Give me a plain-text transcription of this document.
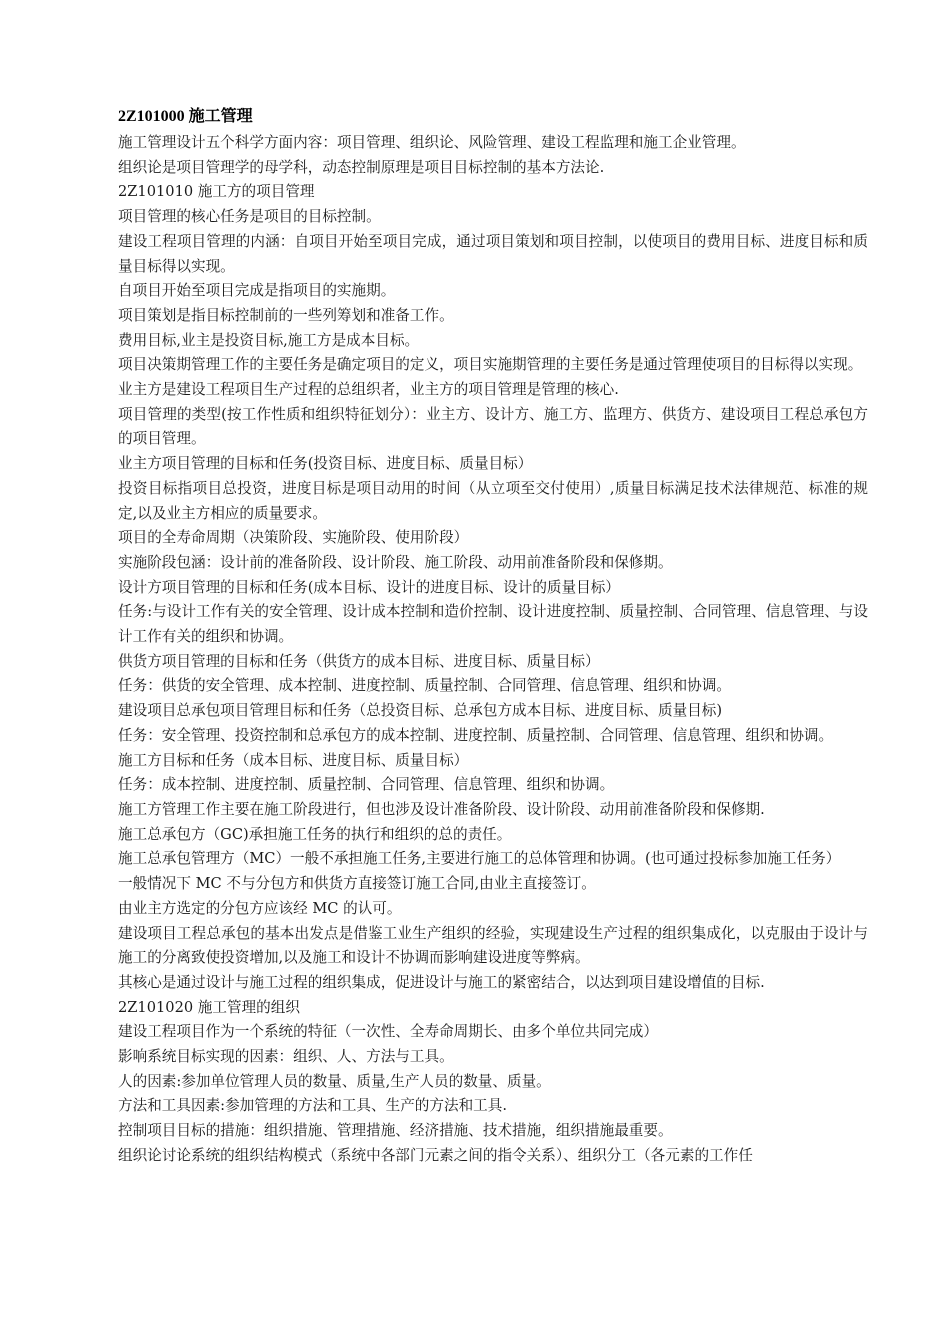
2Z101000 施工管理

施工管理设计五个科学方面内容：项目管理、组织论、风险管理、建设工程监理和施工企业管理。

组织论是项目管理学的母学科，动态控制原理是项目目标控制的基本方法论.

2Z101010 施工方的项目管理

项目管理的核心任务是项目的目标控制。

建设工程项目管理的内涵：自项目开始至项目完成，通过项目策划和项目控制，以使项目的费用目标、进度目标和质量目标得以实现。

自项目开始至项目完成是指项目的实施期。

项目策划是指目标控制前的一些列筹划和准备工作。

费用目标,业主是投资目标,施工方是成本目标。

项目决策期管理工作的主要任务是确定项目的定义，项目实施期管理的主要任务是通过管理使项目的目标得以实现。

业主方是建设工程项目生产过程的总组织者，业主方的项目管理是管理的核心.

项目管理的类型(按工作性质和组织特征划分）：业主方、设计方、施工方、监理方、供货方、建设项目工程总承包方的项目管理。

业主方项目管理的目标和任务(投资目标、进度目标、质量目标）

投资目标指项目总投资，进度目标是项目动用的时间（从立项至交付使用）,质量目标满足技术法律规范、标准的规定,以及业主方相应的质量要求。

项目的全寿命周期（决策阶段、实施阶段、使用阶段）

实施阶段包涵：设计前的准备阶段、设计阶段、施工阶段、动用前准备阶段和保修期。

设计方项目管理的目标和任务(成本目标、设计的进度目标、设计的质量目标）

任务:与设计工作有关的安全管理、设计成本控制和造价控制、设计进度控制、质量控制、合同管理、信息管理、与设计工作有关的组织和协调。

供货方项目管理的目标和任务（供货方的成本目标、进度目标、质量目标）

任务：供货的安全管理、成本控制、进度控制、质量控制、合同管理、信息管理、组织和协调。

建设项目总承包项目管理目标和任务（总投资目标、总承包方成本目标、进度目标、质量目标)

任务：安全管理、投资控制和总承包方的成本控制、进度控制、质量控制、合同管理、信息管理、组织和协调。

施工方目标和任务（成本目标、进度目标、质量目标）

任务：成本控制、进度控制、质量控制、合同管理、信息管理、组织和协调。

施工方管理工作主要在施工阶段进行，但也涉及设计准备阶段、设计阶段、动用前准备阶段和保修期.

施工总承包方（GC)承担施工任务的执行和组织的总的责任。

施工总承包管理方（MC）一般不承担施工任务,主要进行施工的总体管理和协调。(也可通过投标参加施工任务）

一般情况下 MC 不与分包方和供货方直接签订施工合同,由业主直接签订。

由业主方选定的分包方应该经 MC 的认可。

建设项目工程总承包的基本出发点是借鉴工业生产组织的经验，实现建设生产过程的组织集成化，以克服由于设计与施工的分离致使投资增加,以及施工和设计不协调而影响建设进度等弊病。

其核心是通过设计与施工过程的组织集成，促进设计与施工的紧密结合，以达到项目建设增值的目标.

2Z101020 施工管理的组织

建设工程项目作为一个系统的特征（一次性、全寿命周期长、由多个单位共同完成）

影响系统目标实现的因素：组织、人、方法与工具。

人的因素:参加单位管理人员的数量、质量,生产人员的数量、质量。

方法和工具因素:参加管理的方法和工具、生产的方法和工具.

控制项目目标的措施：组织措施、管理措施、经济措施、技术措施，组织措施最重要。

组织论讨论系统的组织结构模式（系统中各部门元素之间的指令关系）、组织分工（各元素的工作任
